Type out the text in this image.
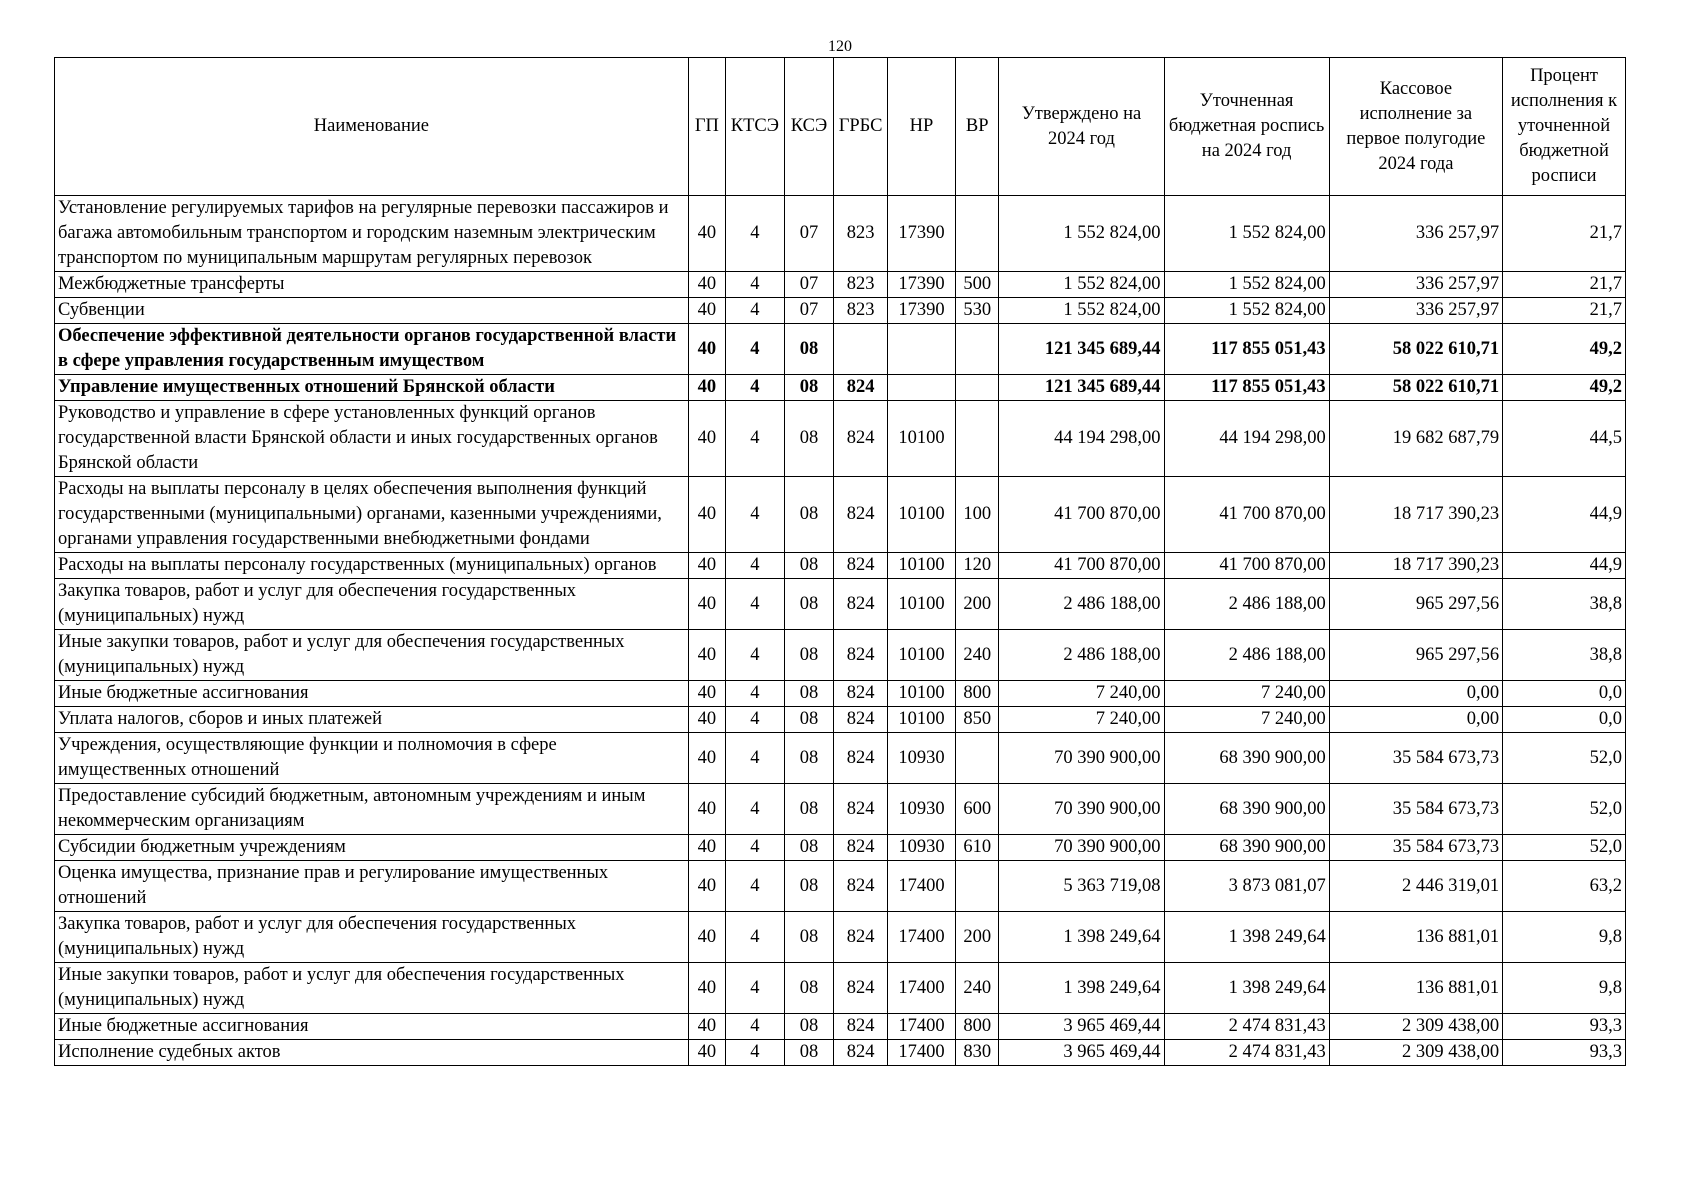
120
Наименование	ГП	КТСЭ	КСЭ	ГРБС	НР	ВР	Утверждено на 2024 год	Уточненная бюджетная роспись на 2024 год	Кассовое исполнение за первое полугодие 2024 года	Процент исполнения к уточненной бюджетной росписи
Установление регулируемых тарифов на регулярные перевозки пассажиров и багажа автомобильным транспортом и городским наземным электрическим транспортом по муниципальным маршрутам регулярных перевозок	40	4	07	823	17390		1 552 824,00	1 552 824,00	336 257,97	21,7
Межбюджетные трансферты	40	4	07	823	17390	500	1 552 824,00	1 552 824,00	336 257,97	21,7
Субвенции	40	4	07	823	17390	530	1 552 824,00	1 552 824,00	336 257,97	21,7
Обеспечение эффективной деятельности органов государственной власти в сфере управления государственным имуществом	40	4	08				121 345 689,44	117 855 051,43	58 022 610,71	49,2
Управление имущественных отношений Брянской области	40	4	08	824			121 345 689,44	117 855 051,43	58 022 610,71	49,2
Руководство и управление в сфере установленных функций органов государственной власти Брянской области и иных государственных органов Брянской области	40	4	08	824	10100		44 194 298,00	44 194 298,00	19 682 687,79	44,5
Расходы на выплаты персоналу в целях обеспечения выполнения функций государственными (муниципальными) органами, казенными учреждениями, органами управления государственными внебюджетными фондами	40	4	08	824	10100	100	41 700 870,00	41 700 870,00	18 717 390,23	44,9
Расходы на выплаты персоналу государственных (муниципальных) органов	40	4	08	824	10100	120	41 700 870,00	41 700 870,00	18 717 390,23	44,9
Закупка товаров, работ и услуг для обеспечения государственных (муниципальных) нужд	40	4	08	824	10100	200	2 486 188,00	2 486 188,00	965 297,56	38,8
Иные закупки товаров, работ и услуг для обеспечения государственных (муниципальных) нужд	40	4	08	824	10100	240	2 486 188,00	2 486 188,00	965 297,56	38,8
Иные бюджетные ассигнования	40	4	08	824	10100	800	7 240,00	7 240,00	0,00	0,0
Уплата налогов, сборов и иных платежей	40	4	08	824	10100	850	7 240,00	7 240,00	0,00	0,0
Учреждения, осуществляющие функции и полномочия в сфере имущественных отношений	40	4	08	824	10930		70 390 900,00	68 390 900,00	35 584 673,73	52,0
Предоставление субсидий бюджетным, автономным учреждениям и иным некоммерческим организациям	40	4	08	824	10930	600	70 390 900,00	68 390 900,00	35 584 673,73	52,0
Субсидии бюджетным учреждениям	40	4	08	824	10930	610	70 390 900,00	68 390 900,00	35 584 673,73	52,0
Оценка имущества, признание прав и регулирование имущественных отношений	40	4	08	824	17400		5 363 719,08	3 873 081,07	2 446 319,01	63,2
Закупка товаров, работ и услуг для обеспечения государственных (муниципальных) нужд	40	4	08	824	17400	200	1 398 249,64	1 398 249,64	136 881,01	9,8
Иные закупки товаров, работ и услуг для обеспечения государственных (муниципальных) нужд	40	4	08	824	17400	240	1 398 249,64	1 398 249,64	136 881,01	9,8
Иные бюджетные ассигнования	40	4	08	824	17400	800	3 965 469,44	2 474 831,43	2 309 438,00	93,3
Исполнение судебных актов	40	4	08	824	17400	830	3 965 469,44	2 474 831,43	2 309 438,00	93,3
